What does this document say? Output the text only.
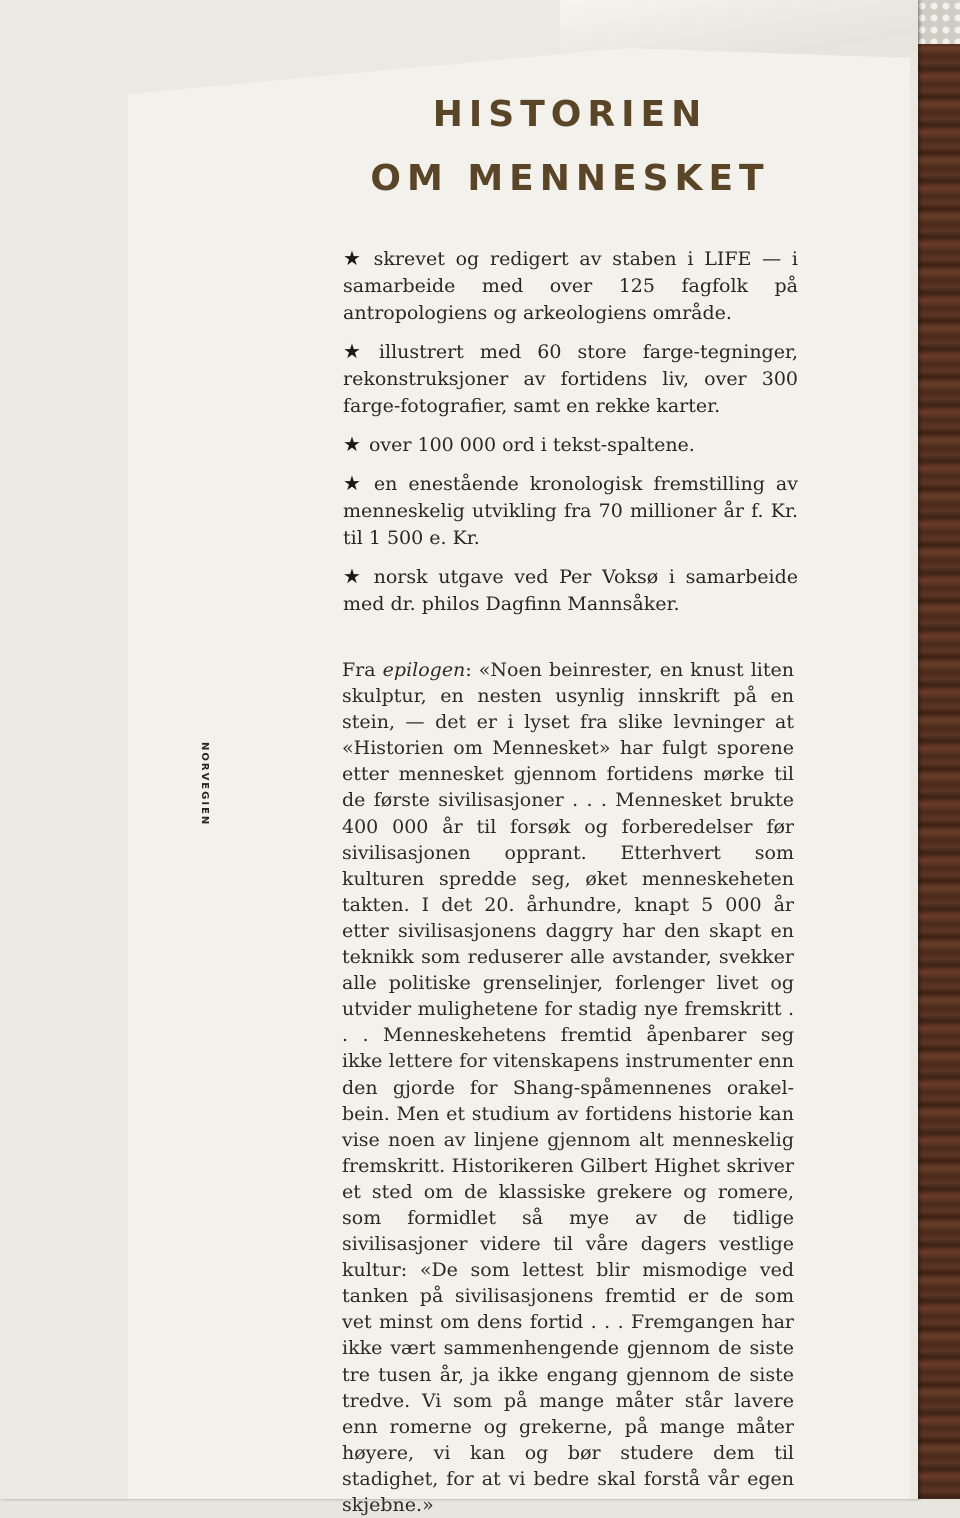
HISTORIEN
OM MENNESKET

★ skrevet og redigert av staben i LIFE — i samarbeide med over 125 fagfolk på antropologiens og arkeologiens område.

★ illustrert med 60 store farge-tegninger, rekonstruksjoner av fortidens liv, over 300 farge-fotografier, samt en rekke karter.

★ over 100 000 ord i tekst-spaltene.

★ en enestående kronologisk fremstilling av menneskelig utvikling fra 70 millioner år f. Kr. til 1 500 e. Kr.

★ norsk utgave ved Per Voksø i samarbeide med dr. philos Dagfinn Mannsåker.

NORVEGIEN
Fra epilogen: «Noen beinrester, en knust liten skulptur, en nesten usynlig innskrift på en stein, — det er i lyset fra slike levninger at «Historien om Mennesket» har fulgt sporene etter mennesket gjennom fortidens mørke til de første sivilisasjoner . . . Mennesket brukte 400 000 år til forsøk og forberedelser før sivilisasjonen opprant. Etterhvert som kulturen spredde seg, øket menneskeheten takten. I det 20. århundre, knapt 5 000 år etter sivilisasjonens daggry har den skapt en teknikk som reduserer alle avstander, svekker alle politiske grenselinjer, forlenger livet og utvider mulighetene for stadig nye fremskritt . . . Menneskehetens fremtid åpenbarer seg ikke lettere for vitenskapens instrumenter enn den gjorde for Shang-spåmennenes orakel-bein. Men et studium av fortidens historie kan vise noen av linjene gjennom alt menneskelig fremskritt. Historikeren Gilbert Highet skriver et sted om de klassiske grekere og romere, som formidlet så mye av de tidlige sivilisasjoner videre til våre dagers vestlige kultur: «De som lettest blir mismodige ved tanken på sivilisasjonens fremtid er de som vet minst om dens fortid . . . Fremgangen har ikke vært sammenhengende gjennom de siste tre tusen år, ja ikke engang gjennom de siste tredve. Vi som på mange måter står lavere enn romerne og grekerne, på mange måter høyere, vi kan og bør studere dem til stadighet, for at vi bedre skal forstå vår egen skjebne.»
